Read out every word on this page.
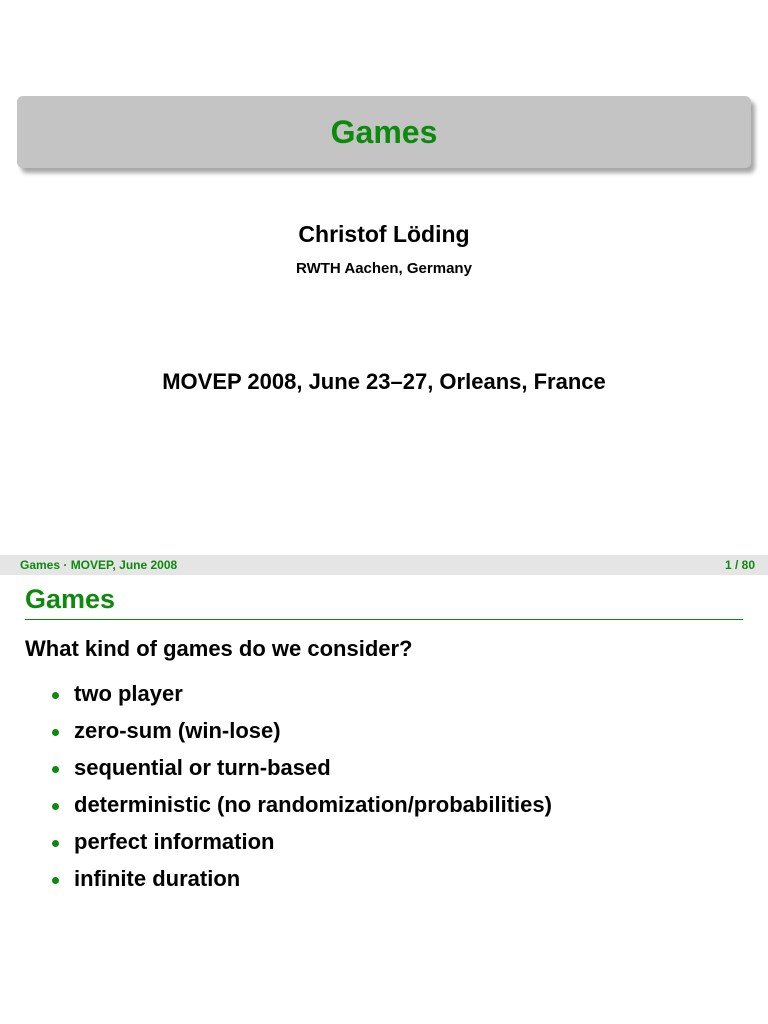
Games
Christof Löding
RWTH Aachen, Germany
MOVEP 2008, June 23–27, Orleans, France
Games · MOVEP, June 2008	1 / 80
Games
What kind of games do we consider?
two player
zero-sum (win-lose)
sequential or turn-based
deterministic (no randomization/probabilities)
perfect information
infinite duration
